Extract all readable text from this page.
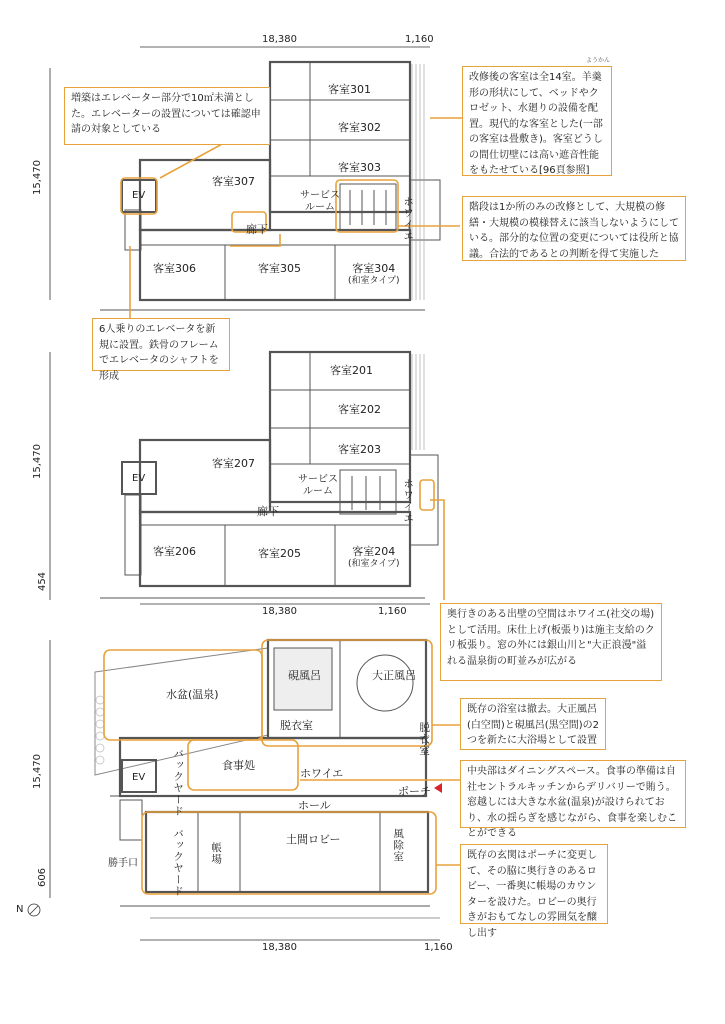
18,380	1,160
15,470
15,470
454
18,380	1,160
15,470
606
18,380	1,160
N
客室301
客室302
客室303
客室307
サービス
ルーム
EV
廊下	ホワイエ
客室306	客室305	客室304
(和室タイプ)
客室201
客室202
客室203
客室207
サービス
ルーム
EV
廊下	ホワイエ
客室206	客室205	客室204
(和室タイプ)
硯風呂	大正風呂
水盆(温泉)
脱衣室	脱衣室
バックヤード	食事処
EV	ホワイエ
ホール
ポーチ
バックヤード 帳場
土間ロビー	風除室
勝手口
改修後の客室は全14室。羊羹形の形状にして、ベッドやクロゼット、水廻りの設備を配置。現代的な客室とした(一部の客室は畳敷き)。客室どうしの間仕切壁には高い遮音性能をもたせている[96頁参照]
ようかん
増築はエレベーター部分で10㎡未満とした。エレベーターの設置については確認申請の対象としている
階段は1か所のみの改修として、大規模の修繕・大規模の模様替えに該当しないようにしている。部分的な位置の変更については役所と協議。合法的であるとの判断を得て実施した
6人乗りのエレベータを新規に設置。鉄骨のフレームでエレベータのシャフトを形成
奥行きのある出壁の空間はホワイエ(社交の場)として活用。床仕上げ(板張り)は施主支給のクリ板張り。窓の外には銀山川と"大正浪漫"溢れる温泉街の町並みが広がる
既存の浴室は撤去。大正風呂(白空間)と硯風呂(黒空間)の2つを新たに大浴場として設置
中央部はダイニングスペース。食事の準備は自社セントラルキッチンからデリバリーで賄う。窓越しには大きな水盆(温泉)が設けられており、水の揺らぎを感じながら、食事を楽しむことができる
既存の玄関はポーチに変更して、その脇に奥行きのあるロビー、一番奥に帳場のカウンターを設けた。ロビーの奥行きがおもてなしの雰囲気を醸し出す
